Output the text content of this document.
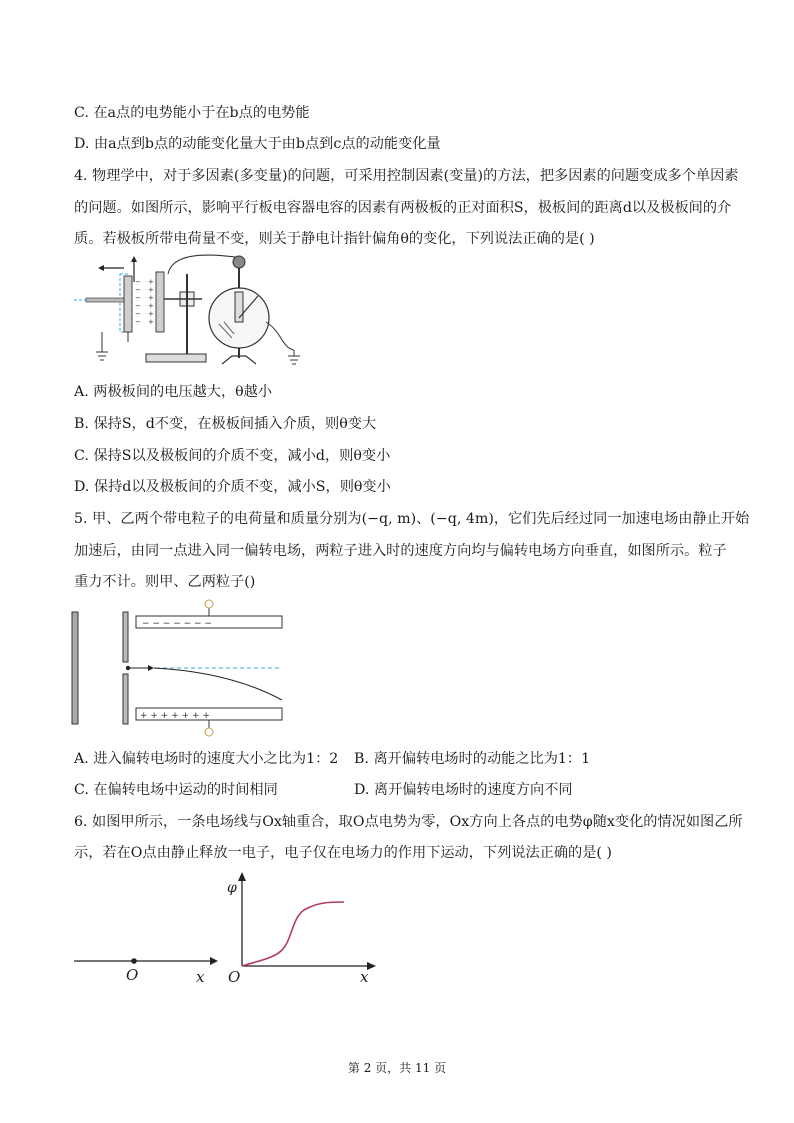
C. 在a点的电势能小于在b点的电势能
D. 由a点到b点的动能变化量大于由b点到c点的动能变化量
4. 物理学中，对于多因素(多变量)的问题，可采用控制因素(变量)的方法，把多因素的问题变成多个单因素
的问题。如图所示，影响平行板电容器电容的因素有两极板的正对面积S，极板间的距离d以及极板间的介
质。若极板所带电荷量不变，则关于静电计指针偏角θ的变化，下列说法正确的是( )
−
−
−
−
−
−
+
+
+
+
+
+
A. 两极板间的电压越大，θ越小
B. 保持S，d不变，在极板间插入介质，则θ变大
C. 保持S以及极板间的介质不变，减小d，则θ变小
D. 保持d以及极板间的介质不变，减小S，则θ变小
5. 甲、乙两个带电粒子的电荷量和质量分别为(−q, m)、(−q, 4m)，它们先后经过同一加速电场由静止开始
加速后，由同一点进入同一偏转电场，两粒子进入时的速度方向均与偏转电场方向垂直，如图所示。粒子
重力不计。则甲、乙两粒子()
− − − − − − −
+ + + + + + +
A. 进入偏转电场时的速度大小之比为1：2 B. 离开偏转电场时的动能之比为1：1
C. 在偏转电场中运动的时间相同	D. 离开偏转电场时的速度方向不同
6. 如图甲所示，一条电场线与Ox轴重合，取O点电势为零，Ox方向上各点的电势φ随x变化的情况如图乙所
示，若在O点由静止释放一电子，电子仅在电场力的作用下运动，下列说法正确的是( )
O	x
φ
O	x
第 2 页，共 11 页
